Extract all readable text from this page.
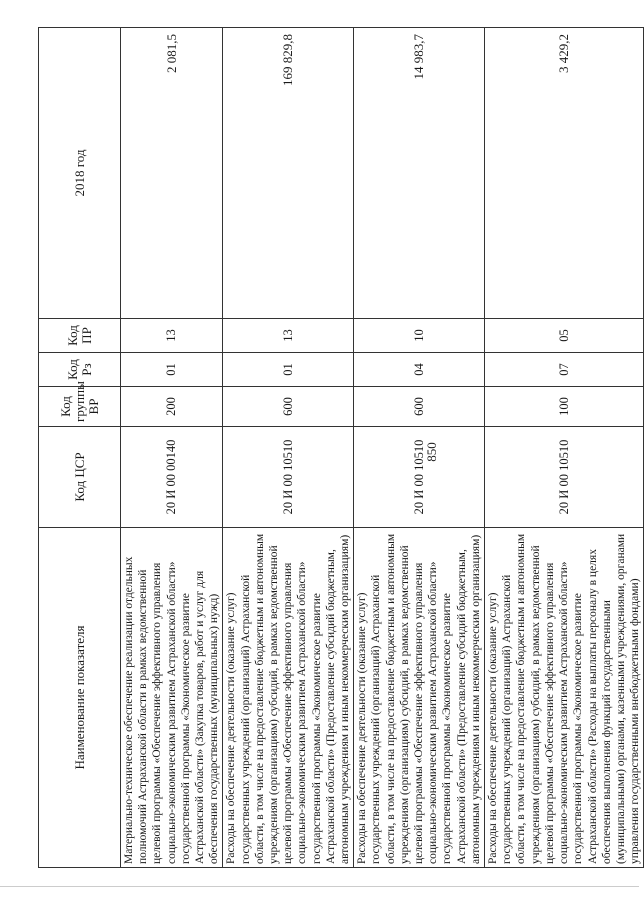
850
Наименование показателя	Код ЦСР	Код группы ВР	Код Рз	Код ПР	2018 год
Материально-техническое обеспечение реализации отдельных полномочий Астраханской области в рамках ведомственной целевой программы «Обеспечение эффективного управления социально-экономическим развитием Астраханской области» государственной программы «Экономическое развитие Астраханской области» (Закупка товаров, работ и услуг для обеспечения государственных (муниципальных) нужд)	20 И 00 00140	200	01	13	2 081,5
Расходы на обеспечение деятельности (оказание услуг) государственных учреждений (организаций) Астраханской области, в том числе на предоставление бюджетным и автономным учреждениям (организациям) субсидий, в рамках ведомственной целевой программы «Обеспечение эффективного управления социально-экономическим развитием Астраханской области» государственной программы «Экономическое развитие Астраханской области» (Предоставление субсидий бюджетным, автономным учреждениям и иным некоммерческим организациям)	20 И 00 10510	600	01	13	169 829,8
Расходы на обеспечение деятельности (оказание услуг) государственных учреждений (организаций) Астраханской области, в том числе на предоставление бюджетным и автономным учреждениям (организациям) субсидий, в рамках ведомственной целевой программы «Обеспечение эффективного управления социально-экономическим развитием Астраханской области» государственной программы «Экономическое развитие Астраханской области» (Предоставление субсидий бюджетным, автономным учреждениям и иным некоммерческим организациям)	20 И 00 10510	600	04	10	14 983,7
Расходы на обеспечение деятельности (оказание услуг) государственных учреждений (организаций) Астраханской области, в том числе на предоставление бюджетным и автономным учреждениям (организациям) субсидий, в рамках ведомственной целевой программы «Обеспечение эффективного управления социально-экономическим развитием Астраханской области» государственной программы «Экономическое развитие Астраханской области» (Расходы на выплаты персоналу в целях обеспечения выполнения функций государственными (муниципальными) органами, казенными учреждениями, органами управления государственными внебюджетными фондами)	20 И 00 10510	100	07	05	3 429,2
